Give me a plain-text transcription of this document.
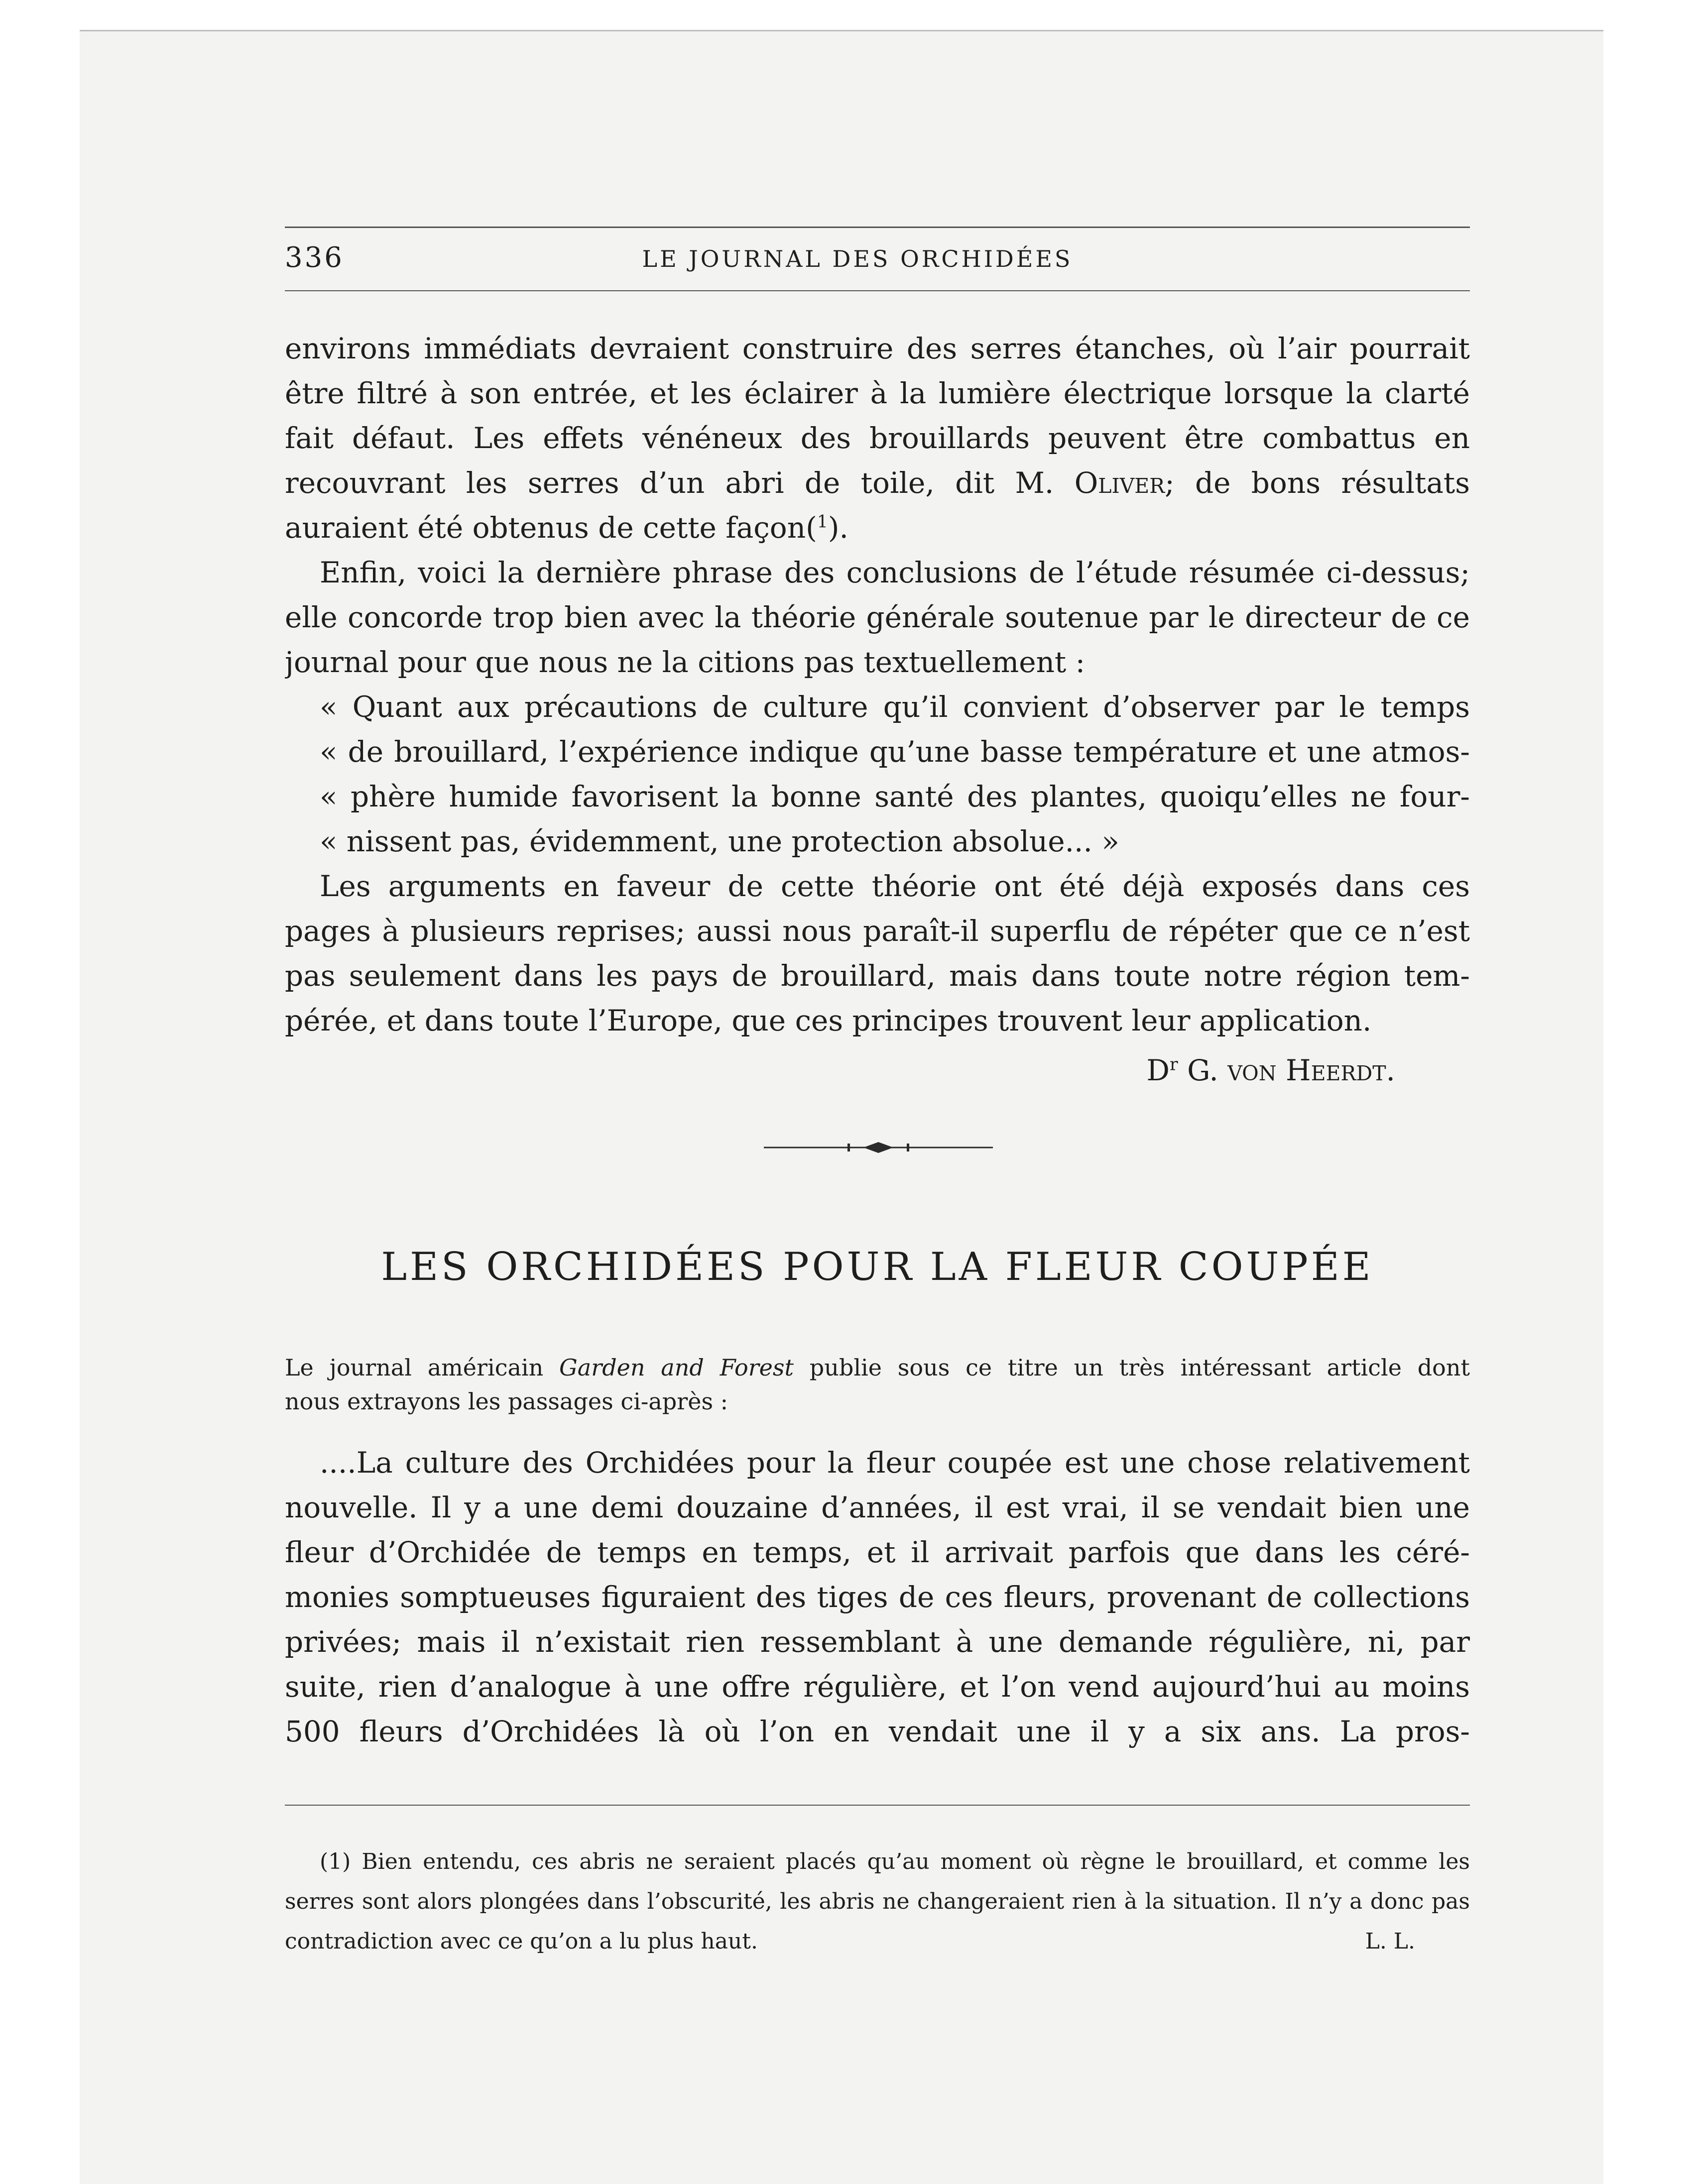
336	LE JOURNAL DES ORCHIDÉES
environs immédiats devraient construire des serres étanches, où l’air pourrait
être filtré à son entrée, et les éclairer à la lumière électrique lorsque la clarté
fait défaut. Les effets vénéneux des brouillards peuvent être combattus en
recouvrant les serres d’un abri de toile, dit M. Oliver; de bons résultats
auraient été obtenus de cette façon($^1$).
Enfin, voici la dernière phrase des conclusions de l’étude résumée ci-dessus;
elle concorde trop bien avec la théorie générale soutenue par le directeur de ce
journal pour que nous ne la citions pas textuellement :
« Quant aux précautions de culture qu’il convient d’observer par le temps
« de brouillard, l’expérience indique qu’une basse température et une atmos-
« phère humide favorisent la bonne santé des plantes, quoiqu’elles ne four-
« nissent pas, évidemment, une protection absolue... »
Les arguments en faveur de cette théorie ont été déjà exposés dans ces
pages à plusieurs reprises; aussi nous paraît-il superflu de répéter que ce n’est
pas seulement dans les pays de brouillard, mais dans toute notre région tem-
pérée, et dans toute l’Europe, que ces principes trouvent leur application.
$D^r$ G. von Heerdt.
LES ORCHIDÉES POUR LA FLEUR COUPÉE
Le journal américain Garden and Forest publie sous ce titre un très intéressant article dont
nous extrayons les passages ci-après :
....La culture des Orchidées pour la fleur coupée est une chose relativement
nouvelle. Il y a une demi douzaine d’années, il est vrai, il se vendait bien une
fleur d’Orchidée de temps en temps, et il arrivait parfois que dans les céré-
monies somptueuses figuraient des tiges de ces fleurs, provenant de collections
privées; mais il n’existait rien ressemblant à une demande régulière, ni, par
suite, rien d’analogue à une offre régulière, et l’on vend aujourd’hui au moins
500 fleurs d’Orchidées là où l’on en vendait une il y a six ans. La pros-
(1) Bien entendu, ces abris ne seraient placés qu’au moment où règne le brouillard, et comme les
serres sont alors plongées dans l’obscurité, les abris ne changeraient rien à la situation. Il n’y a donc pas
contradiction avec ce qu’on a lu plus haut.	L. L.
